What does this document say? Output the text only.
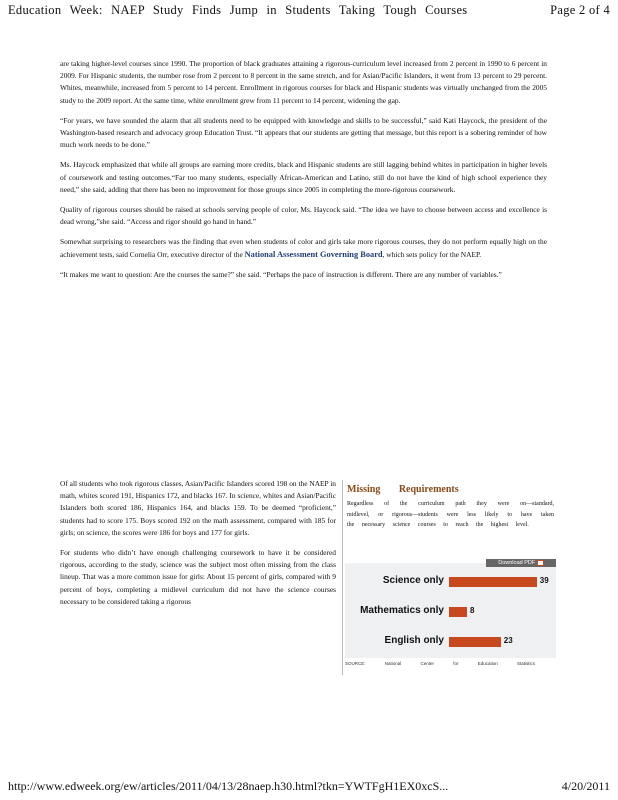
Education Week: NAEP Study Finds Jump in Students Taking Tough Courses	Page 2 of 4

are taking higher-level courses since 1990. The proportion of black graduates attaining a rigorous-curriculum level increased from 2 percent in 1990 to 6 percent in 2009. For Hispanic students, the number rose from 2 percent to 8 percent in the same stretch, and for Asian/Pacific Islanders, it went from 13 percent to 29 percent. Whites, meanwhile, increased from 5 percent to 14 percent. Enrollment in rigorous courses for black and Hispanic students was virtually unchanged from the 2005 study to the 2009 report. At the same time, white enrollment grew from 11 percent to 14 percent, widening the gap.

“For years, we have sounded the alarm that all students need to be equipped with knowledge and skills to be successful,” said Kati Haycock, the president of the Washington-based research and advocacy group Education Trust. “It appears that our students are getting that message, but this report is a sobering reminder of how much work needs to be done.”

Ms. Haycock emphasized that while all groups are earning more credits, black and Hispanic students are still lagging behind whites in participation in higher levels of coursework and testing outcomes.“Far too many students, especially African-American and Latino, still do not have the kind of high school experience they need,” she said, adding that there has been no improvement for those groups since 2005 in completing the more-rigorous coursework.

Quality of rigorous courses should be raised at schools serving people of color, Ms. Haycock said. “The idea we have to choose between access and excellence is dead wrong,”she said. “Access and rigor should go hand in hand.”

Somewhat surprising to researchers was the finding that even when students of color and girls take more rigorous courses, they do not perform equally high on the achievement tests, said Cornelia Orr, executive director of the National Assessment Governing Board, which sets policy for the NAEP.

“It makes me want to question: Are the courses the same?” she said. “Perhaps the pace of instruction is different. There are any number of variables.”

Of all students who took rigorous classes, Asian/Pacific Islanders scored 198 on the NAEP in math, whites scored 191, Hispanics 172, and blacks 167. In science, whites and Asian/Pacific Islanders both scored 186, Hispanics 164, and blacks 159. To be deemed “proficient,” students had to score 175. Boys scored 192 on the math assessment, compared with 185 for girls; on science, the scores were 186 for boys and 177 for girls.

For students who didn’t have enough challenging coursework to have it be considered rigorous, according to the study, science was the subject most often missing from the class lineup. That was a more common issue for girls: About 15 percent of girls, compared with 9 percent of boys, completing a midlevel curriculum did not have the science courses necessary to be considered taking a rigorous

Missing Requirements
Regardless of the curriculum path they were on—standard, midlevel, or rigorous—students were less likely to have taken the necessary science courses to reach the highest level.
Download PDF
Science only	39
Mathematics only	8
English only	23
SOURCE: National Center for Education Statistics
http://www.edweek.org/ew/articles/2011/04/13/28naep.h30.html?tkn=YWTFgH1EX0xcS...	4/20/2011
